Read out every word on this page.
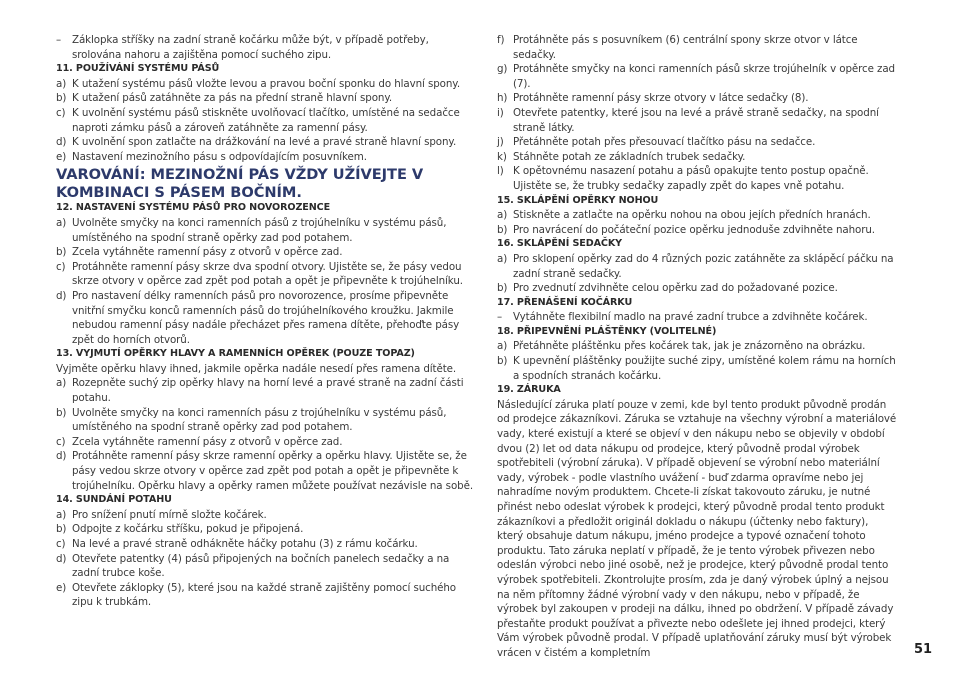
–	Záklopka stříšky na zadní straně kočárku může být, v případě potřeby, srolována nahoru a zajištěna pomocí suchého zipu.
11. POUŽÍVÁNÍ SYSTÉMU PÁSŮ
a) K utažení systému pásů vložte levou a pravou boční sponku do hlavní spony.
b) K utažení pásů zatáhněte za pás na přední straně hlavní spony.
c) K uvolnění systému pásů stiskněte uvolňovací tlačítko, umístěné na sedačce naproti zámku pásů a zároveň zatáhněte za ramenní pásy.
d) K uvolnění spon zatlačte na drážkování na levé a pravé straně hlavní spony.
e) Nastavení mezinožního pásu s odpovídajícím posuvníkem.
VAROVÁNÍ: MEZINOŽNÍ PÁS VŽDY UŽÍVEJTE V KOMBINACI S PÁSEM BOČNÍM.
12. NASTAVENÍ SYSTÉMU PÁSŮ PRO NOVOROZENCE
a) Uvolněte smyčky na konci ramenních pásů z trojúhelníku v systému pásů, umístěného na spodní straně opěrky zad pod potahem.
b) Zcela vytáhněte ramenní pásy z otvorů v opěrce zad.
c) Protáhněte ramenní pásy skrze dva spodní otvory. Ujistěte se, že pásy vedou skrze otvory v opěrce zad zpět pod potah a opět je připevněte k trojúhelníku.
d) Pro nastavení délky ramenních pásů pro novorozence, prosíme připevněte vnitřní smyčku konců ramenních pásů do trojúhelníkového kroužku. Jakmile nebudou ramenní pásy nadále přecházet přes ramena dítěte, přehoďte pásy zpět do horních otvorů.
13. VYJMUTÍ OPĚRKY HLAVY A RAMENNÍCH OPĚREK (POUZE TOPAZ)
Vyjměte opěrku hlavy ihned, jakmile opěrka nadále nesedí přes ramena dítěte.
a) Rozepněte suchý zip opěrky hlavy na horní levé a pravé straně na zadní části potahu.
b) Uvolněte smyčky na konci ramenních pásu z trojúhelníku v systému pásů, umístěného na spodní straně opěrky zad pod potahem.
c) Zcela vytáhněte ramenní pásy z otvorů v opěrce zad.
d) Protáhněte ramenní pásy skrze ramenní opěrky a opěrku hlavy. Ujistěte se, že pásy vedou skrze otvory v opěrce zad zpět pod potah a opět je připevněte k trojúhelníku. Opěrku hlavy a opěrky ramen můžete používat nezávisle na sobě.
14. SUNDÁNÍ POTAHU
a) Pro snížení pnutí mírně složte kočárek.
b) Odpojte z kočárku stříšku, pokud je připojená.
c) Na levé a pravé straně odhákněte háčky potahu (3) z rámu kočárku.
d) Otevřete patentky (4) pásů připojených na bočních panelech sedačky a na zadní trubce koše.
e) Otevřete záklopky (5), které jsou na každé straně zajištěny pomocí suchého zipu k trubkám.
f) Protáhněte pás s posuvníkem (6) centrální spony skrze otvor v látce sedačky.
g) Protáhněte smyčky na konci ramenních pásů skrze trojúhelník v opěrce zad (7).
h) Protáhněte ramenní pásy skrze otvory v látce sedačky (8).
i) Otevřete patentky, které jsou na levé a právě straně sedačky, na spodní straně látky.
j) Přetáhněte potah přes přesouvací tlačítko pásu na sedačce.
k) Stáhněte potah ze základních trubek sedačky.
l) K opětovnému nasazení potahu a pásů opakujte tento postup opačně. Ujistěte se, že trubky sedačky zapadly zpět do kapes vně potahu.
15. SKLÁPĚNÍ OPĚRKY NOHOU
a) Stiskněte a zatlačte na opěrku nohou na obou jejích předních hranách.
b) Pro navrácení do počáteční pozice opěrku jednoduše zdvihněte nahoru.
16. SKLÁPĚNÍ SEDAČKY
a) Pro sklopení opěrky zad do 4 různých pozic zatáhněte za sklápěcí páčku na zadní straně sedačky.
b) Pro zvednutí zdvihněte celou opěrku zad do požadované pozice.
17. PŘENÁŠENÍ KOČÁRKU
–	Vytáhněte flexibilní madlo na pravé zadní trubce a zdvihněte kočárek.
18. PŘIPEVNĚNÍ PLÁŠTĚNKY (VOLITELNÉ)
a) Přetáhněte pláštěnku přes kočárek tak, jak je znázorněno na obrázku.
b) K upevnění pláštěnky použijte suché zipy, umístěné kolem rámu na horních a spodních stranách kočárku.
19. ZÁRUKA
Následující záruka platí pouze v zemi, kde byl tento produkt původně prodán od prodejce zákazníkovi. Záruka se vztahuje na všechny výrobní a materiálové vady, které existují a které se objeví v den nákupu nebo se objevily v období dvou (2) let od data nákupu od prodejce, který původně prodal výrobek spotřebiteli (výrobní záruka). V případě objevení se výrobní nebo materiální vady, výrobek - podle vlastního uvážení - buď zdarma opravíme nebo jej nahradíme novým produktem. Chcete-li získat takovouto záruku, je nutné přinést nebo odeslat výrobek k prodejci, který původně prodal tento produkt zákazníkovi a předložit originál dokladu o nákupu (účtenky nebo faktury), který obsahuje datum nákupu, jméno prodejce a typové označení tohoto produktu. Tato záruka neplatí v případě, že je tento výrobek přivezen nebo odeslán výrobci nebo jiné osobě, než je prodejce, který původně prodal tento výrobek spotřebiteli. Zkontrolujte prosím, zda je daný výrobek úplný a nejsou na něm přítomny žádné výrobní vady v den nákupu, nebo v případě, že výrobek byl zakoupen v prodeji na dálku, ihned po obdržení. V případě závady přestaňte produkt používat a přivezte nebo odešlete jej ihned prodejci, který Vám výrobek původně prodal. V případě uplatňování záruky musí být výrobek vrácen v čistém a kompletním	51
